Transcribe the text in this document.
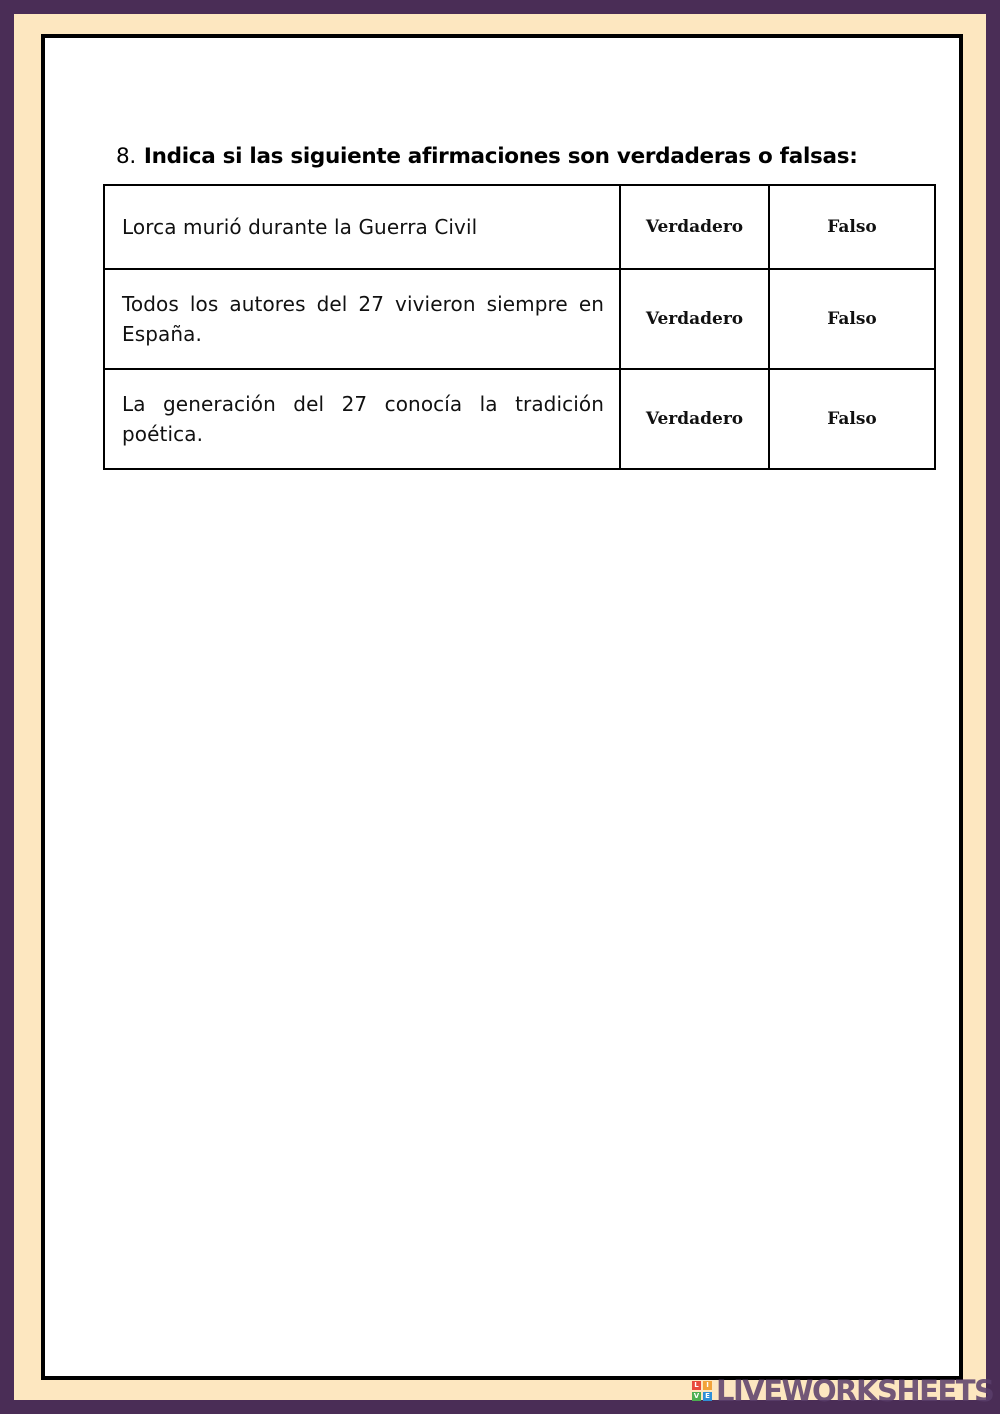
8. Indica si las siguiente afirmaciones son verdaderas o falsas:
Lorca murió durante la Guerra Civil	Verdadero	Falso
Todos los autores del 27 vivieron siempre en España.	Verdadero	Falso
La generación del 27 conocía la tradición poética.	Verdadero	Falso
L	I
V E LIVEWORKSHEETS
